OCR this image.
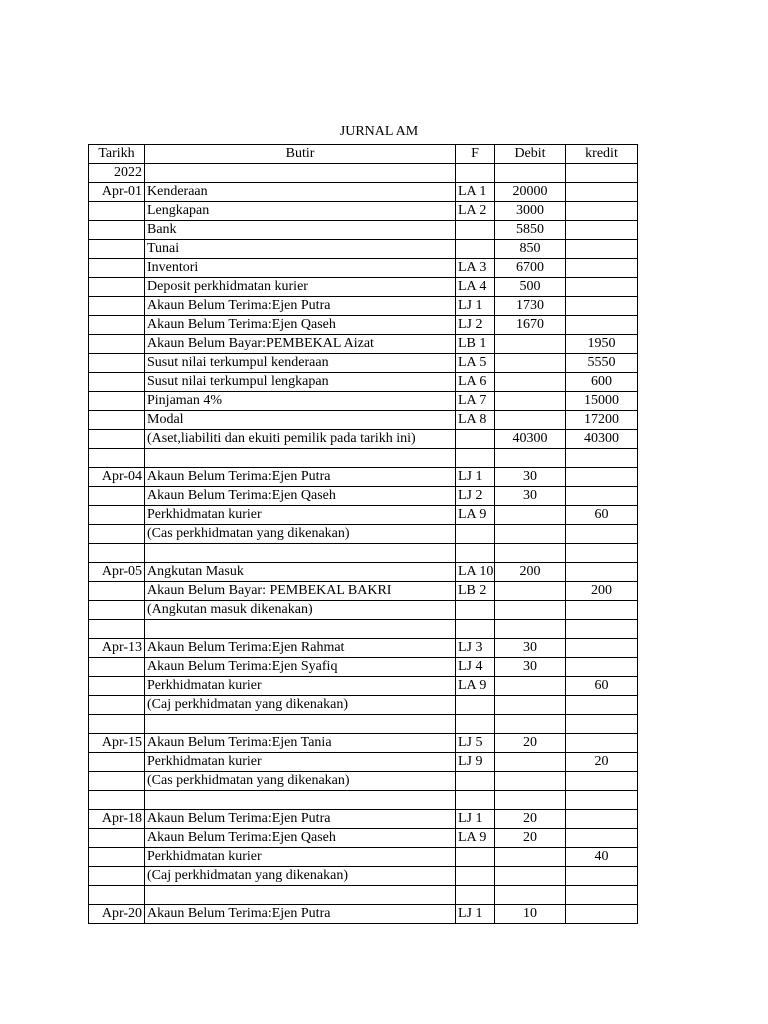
JURNAL AM
Tarikh	Butir	F	Debit	kredit
2022				
Apr-01	Kenderaan	LA 1	20000	
	Lengkapan	LA 2	3000	
	Bank		5850	
	Tunai		850	
	Inventori	LA 3	6700	
	Deposit perkhidmatan kurier	LA 4	500	
	Akaun Belum Terima:Ejen Putra	LJ 1	1730	
	Akaun Belum Terima:Ejen Qaseh	LJ 2	1670	
	Akaun Belum Bayar:PEMBEKAL Aizat	LB 1		1950
	Susut nilai terkumpul kenderaan	LA 5		5550
	Susut nilai terkumpul lengkapan	LA 6		600
	Pinjaman 4%	LA 7		15000
	Modal	LA 8		17200
	(Aset,liabiliti dan ekuiti pemilik pada tarikh ini)		40300	40300

Apr-04	Akaun Belum Terima:Ejen Putra	LJ 1	30	
	Akaun Belum Terima:Ejen Qaseh	LJ 2	30	
	Perkhidmatan kurier	LA 9		60
	(Cas perkhidmatan yang dikenakan)			

Apr-05	Angkutan Masuk	LA 10	200	
	Akaun Belum Bayar: PEMBEKAL BAKRI	LB 2		200
	(Angkutan masuk dikenakan)			

Apr-13	Akaun Belum Terima:Ejen Rahmat	LJ 3	30	
	Akaun Belum Terima:Ejen Syafiq	LJ 4	30	
	Perkhidmatan kurier	LA 9		60
	(Caj perkhidmatan yang dikenakan)			

Apr-15	Akaun Belum Terima:Ejen Tania	LJ 5	20	
	Perkhidmatan kurier	LJ 9		20
	(Cas perkhidmatan yang dikenakan)			

Apr-18	Akaun Belum Terima:Ejen Putra	LJ 1	20	
	Akaun Belum Terima:Ejen Qaseh	LA 9	20	
	Perkhidmatan kurier			40
	(Caj perkhidmatan yang dikenakan)			

Apr-20	Akaun Belum Terima:Ejen Putra	LJ 1	10	
